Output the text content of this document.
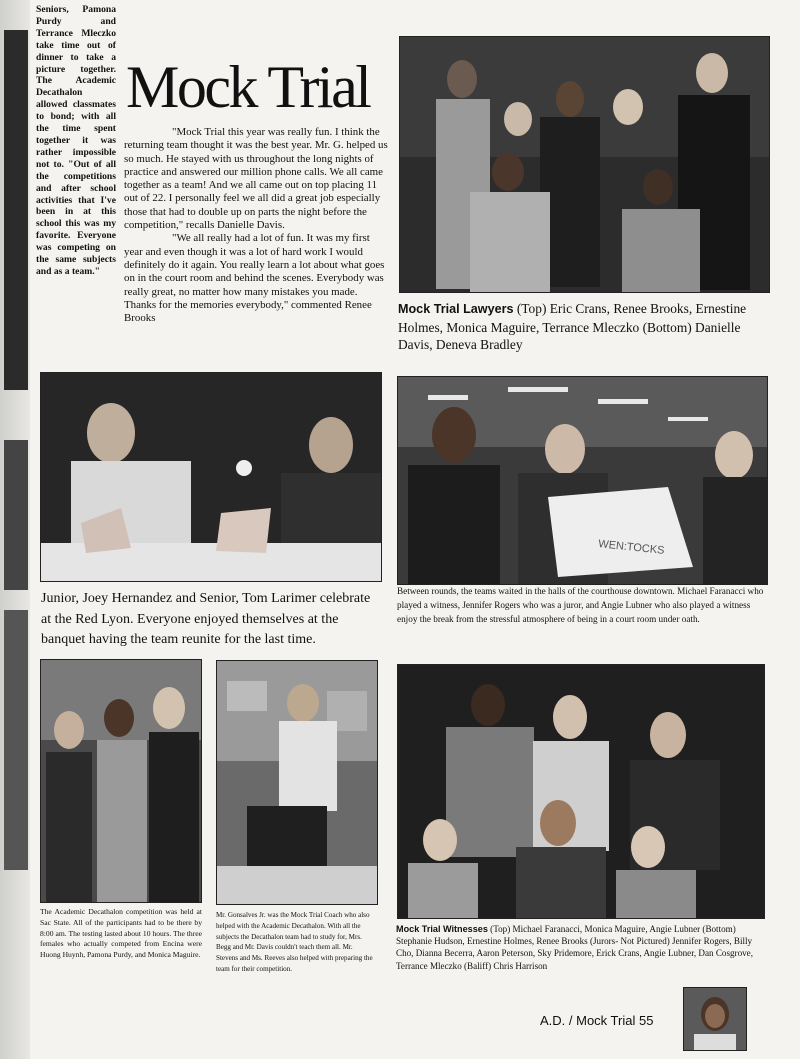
Seniors, Pamona Purdy and Terrance Mleczko take time out of dinner to take a picture together. The Academic Decathalon allowed classmates to bond; with all the time spent together it was rather impossible not to. "Out of all the competitions and after school activities that I've been in at this school this was my favorite. Everyone was competing on the same subjects and as a team."
Mock Trial

"Mock Trial this year was really fun. I think the returning team thought it was the best year. Mr. G. helped us so much. He stayed with us throughout the long nights of practice and answered our million phone calls. We all came together as a team! And we all came out on top placing 11 out of 22. I personally feel we all did a great job especially those that had to double up on parts the night before the competition," recalls Danielle Davis.

"We all really had a lot of fun. It was my first year and even though it was a lot of hard work I would definitely do it again. You really learn a lot about what goes on in the court room and behind the scenes. Everybody was really great, no matter how many mistakes you made. Thanks for the memories everybody," commented Renee Brooks

Mock Trial Lawyers (Top) Eric Crans, Renee Brooks, Ernestine Holmes, Monica Maguire, Terrance Mleczko (Bottom) Danielle Davis, Deneva Bradley
Junior, Joey Hernandez and Senior, Tom Larimer celebrate at the Red Lyon. Everyone enjoyed themselves at the banquet having the team reunite for the last time.
WEN:TOCKS
Between rounds, the teams waited in the halls of the courthouse downtown. Michael Faranacci who played a witness, Jennifer Rogers who was a juror, and Angie Lubner who also played a witness enjoy the break from the stressful atmosphere of being in a court room under oath.
The Academic Decathalon competition was held at Sac State. All of the participants had to be there by 8:00 am. The testing lasted about 10 hours. The three females who actually competed from Encina were Huong Huynh, Pamona Purdy, and Monica Maguire.
Mr. Gonsalves Jr. was the Mock Trial Coach who also helped with the Academic Decathalon. With all the subjects the Decathalon team had to study for, Mrs. Begg and Mr. Davis couldn't teach them all. Mr. Stevens and Ms. Reeves also helped with preparing the team for their competition.
Mock Trial Witnesses (Top) Michael Faranacci, Monica Maguire, Angie Lubner (Bottom) Stephanie Hudson, Ernestine Holmes, Renee Brooks (Jurors- Not Pictured) Jennifer Rogers, Billy Cho, Dianna Becerra, Aaron Peterson, Sky Pridemore, Erick Crans, Angie Lubner, Dan Cosgrove, Terrance Mleczko (Baliff) Chris Harrison
A.D. / Mock Trial 55
